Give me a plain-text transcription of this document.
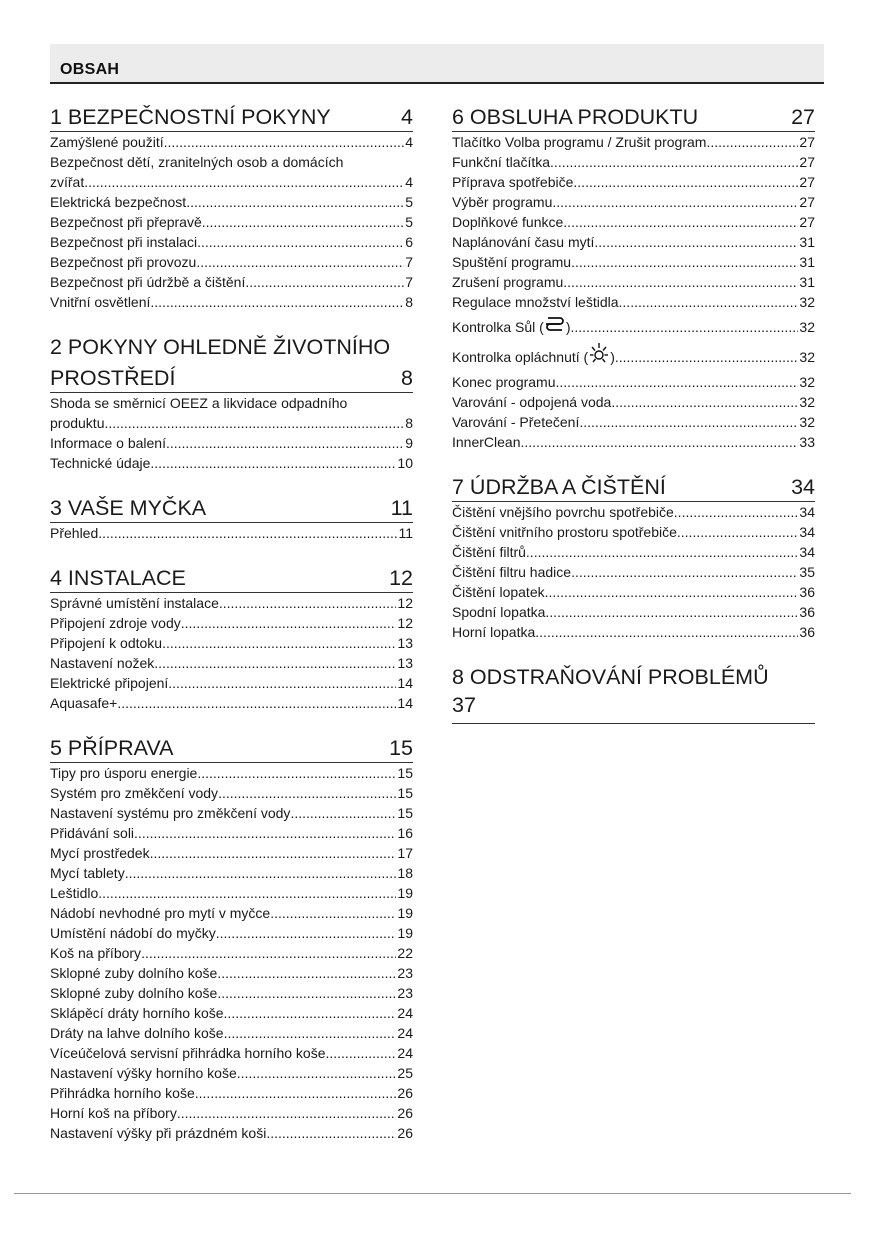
OBSAH
1 BEZPEČNOSTNÍ POKYNY	4
Zamýšlené použití .....	4
Bezpečnost dětí, zranitelných osob a domácích
zvířat .....	4
Elektrická bezpečnost .....	5
Bezpečnost při přepravě .....	5
Bezpečnost při instalaci .....	6
Bezpečnost při provozu .....	7
Bezpečnost při údržbě a čištění .....	7
Vnitřní osvětlení .....	8
2 POKYNY OHLEDNĚ ŽIVOTNÍHO
PROSTŘEDÍ	8
Shoda se směrnicí OEEZ a likvidace odpadního
produktu .....	8
Informace o balení .....	9
Technické údaje .....	10
3 VAŠE MYČKA	11
Přehled .....	11
4 INSTALACE	12
Správné umístění instalace .....	12
Připojení zdroje vody .....	12
Připojení k odtoku .....	13
Nastavení nožek .....	13
Elektrické připojení .....	14
Aquasafe+ .....	14
5 PŘÍPRAVA	15
Tipy pro úsporu energie .....	15
Systém pro změkčení vody .....	15
Nastavení systému pro změkčení vody .....	15
Přidávání soli .....	16
Mycí prostředek .....	17
Mycí tablety .....	18
Leštidlo .....	19
Nádobí nevhodné pro mytí v myčce .....	19
Umístění nádobí do myčky .....	19
Koš na příbory .....	22
Sklopné zuby dolního koše .....	23
Sklopné zuby dolního koše .....	23
Sklápěcí dráty horního koše .....	24
Dráty na lahve dolního koše .....	24
Víceúčelová servisní přihrádka horního koše .....	24
Nastavení výšky horního koše .....	25
Přihrádka horního koše .....	26
Horní koš na příbory .....	26
Nastavení výšky při prázdném koši .....	26
6 OBSLUHA PRODUKTU	27
Tlačítko Volba programu / Zrušit program .....	27
Funkční tlačítka .....	27
Příprava spotřebiče .....	27
Výběr programu .....	27
Doplňkové funkce .....	27
Naplánování času mytí .....	31
Spuštění programu .....	31
Zrušení programu .....	31
Regulace množství leštidla .....	32
Kontrolka Sůl ( ) .....	32
Kontrolka opláchnutí ( ) .....	32
Konec programu .....	32
Varování - odpojená voda .....	32
Varování - Přetečení .....	32
InnerClean .....	33
7 ÚDRŽBA A ČIŠTĚNÍ	34
Čištění vnějšího povrchu spotřebiče .....	34
Čištění vnitřního prostoru spotřebiče .....	34
Čištění filtrů .....	34
Čištění filtru hadice .....	35
Čištění lopatek .....	36
Spodní lopatka .....	36
Horní lopatka .....	36
8 ODSTRAŇOVÁNÍ PROBLÉMŮ
37
